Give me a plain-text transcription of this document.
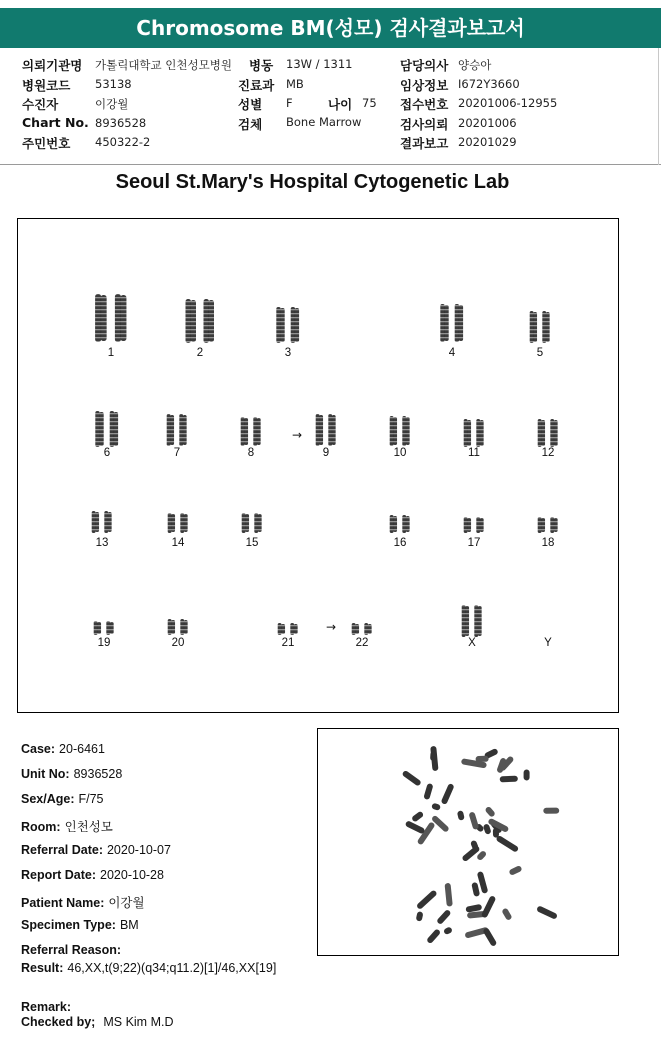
Chromosome BM(성모) 검사결과보고서
의뢰기관명 가톨릭대학교 인천성모병원 병동 13W / 1311	담당의사 양승아
병원코드 53138	진료과 MB	임상정보 I672Y3660
수진자	이강월	성별 F	나이 75 접수번호 20201006-12955
Chart No. 8936528	검체 Bone Marrow	검사의뢰 20201006
주민번호 450322-2	결과보고 20201029
Seoul St.Mary's Hospital Cytogenetic Lab
1	2	3	4	5
6	7	8	9	10	11	12
13	14	15	16	17	18
19	20	21	22	X	Y
→
→
Case: 20-6461
Unit No: 8936528
Sex/Age: F/75
Room: 인천성모
Referral Date: 2020-10-07
Report Date: 2020-10-28
Patient Name: 이강월
Specimen Type: BM
Referral Reason:
Result: 46,XX,t(9;22)(q34;q11.2)[1]/46,XX[19]
Remark:
Checked by; MS Kim M.D
